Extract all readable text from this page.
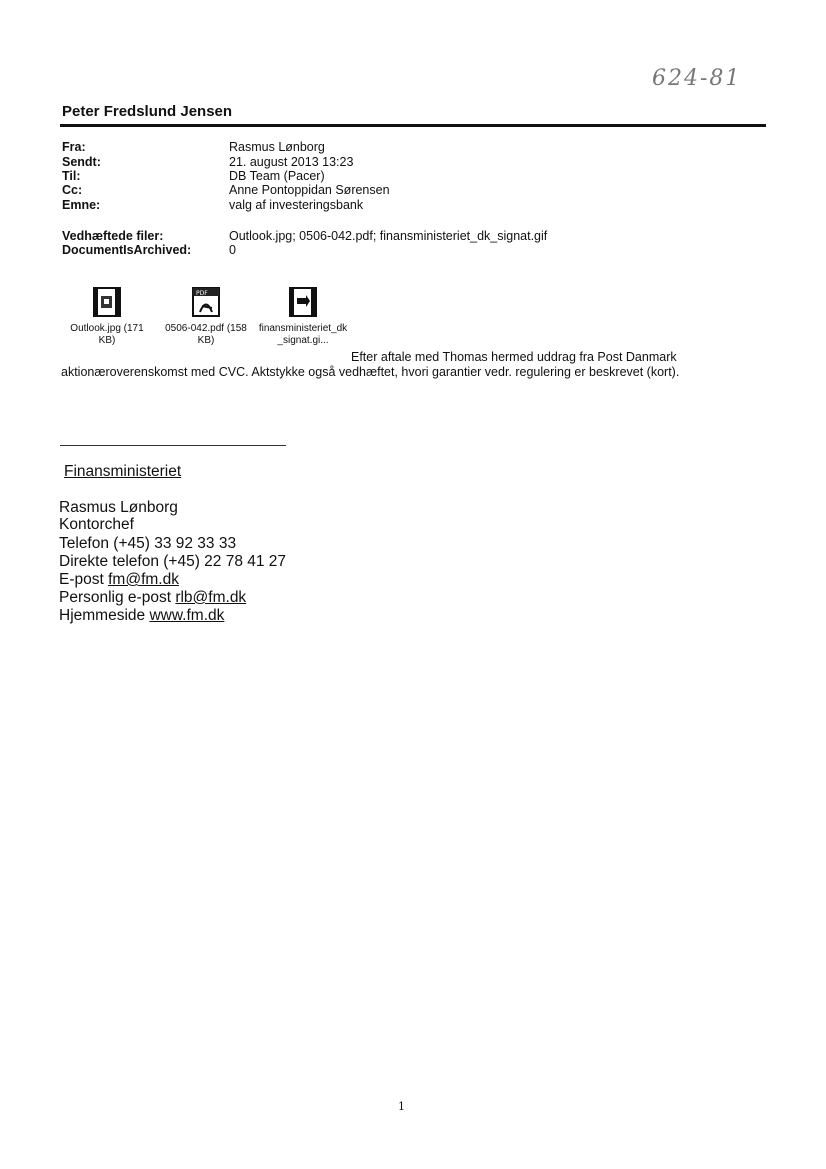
624-81
Peter Fredslund Jensen
Fra:	Rasmus Lønborg
Sendt:	21. august 2013 13:23
Til:	DB Team (Pacer)
Cc:	Anne Pontoppidan Sørensen
Emne:	valg af investeringsbank
Vedhæftede filer:	Outlook.jpg; 0506-042.pdf; finansministeriet_dk_signat.gif
DocumentIsArchived:	0
Outlook.jpg (171
KB)
PDF
0506-042.pdf (158
KB)
finansministeriet_dk
_signat.gi...
Efter aftale med Thomas hermed uddrag fra Post Danmark
aktionæroverenskomst med CVC. Aktstykke også vedhæftet, hvori garantier vedr. regulering er beskrevet (kort).
Finansministeriet
Rasmus Lønborg
Kontorchef
Telefon (+45) 33 92 33 33
Direkte telefon (+45) 22 78 41 27
E-post fm@fm.dk
Personlig e-post rlb@fm.dk
Hjemmeside www.fm.dk
1
